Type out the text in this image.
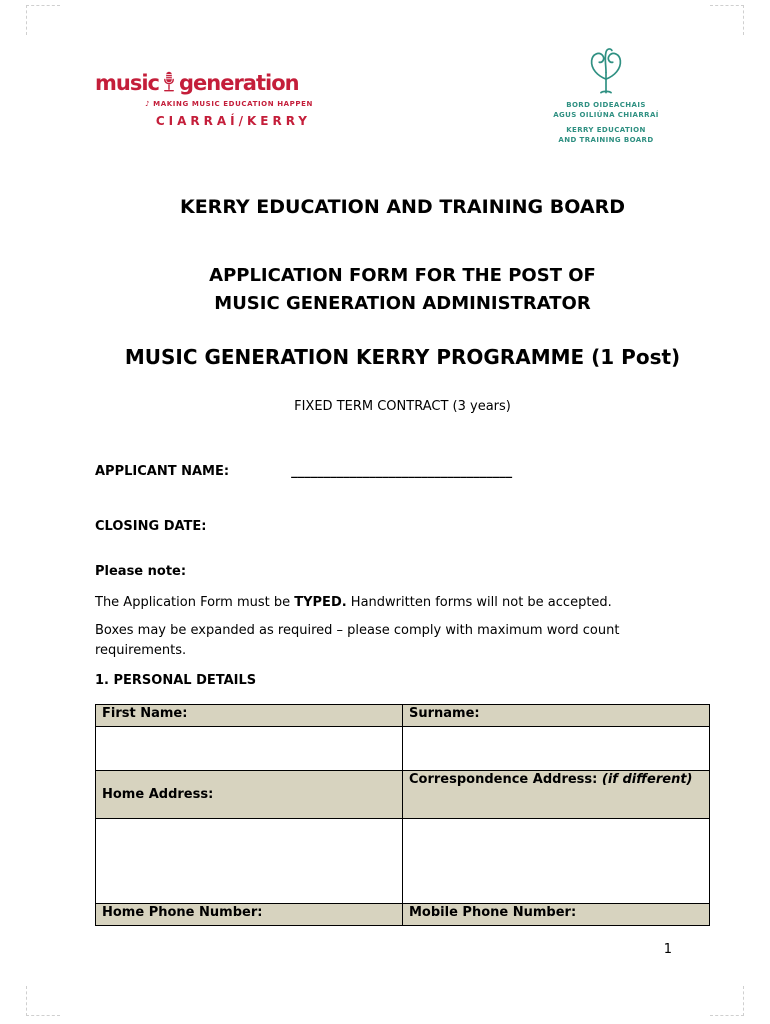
music generation
♪ MAKING MUSIC EDUCATION HAPPEN
CIARRAÍ/KERRY
BORD OIDEACHAIS
AGUS OILIÚNA CHIARRAÍ
KERRY EDUCATION
AND TRAINING BOARD
KERRY EDUCATION AND TRAINING BOARD
APPLICATION FORM FOR THE POST OF
MUSIC GENERATION ADMINISTRATOR
MUSIC GENERATION KERRY PROGRAMME (1 Post)
FIXED TERM CONTRACT (3 years)
APPLICANT NAME:	__________________________________
CLOSING DATE:
Please note:

The Application Form must be TYPED. Handwritten forms will not be accepted.

Boxes may be expanded as required – please comply with maximum word count requirements.

1. PERSONAL DETAILS
First Name:	Surname:

Home Address:	Correspondence Address: (if different)

Home Phone Number:	Mobile Phone Number:
1
